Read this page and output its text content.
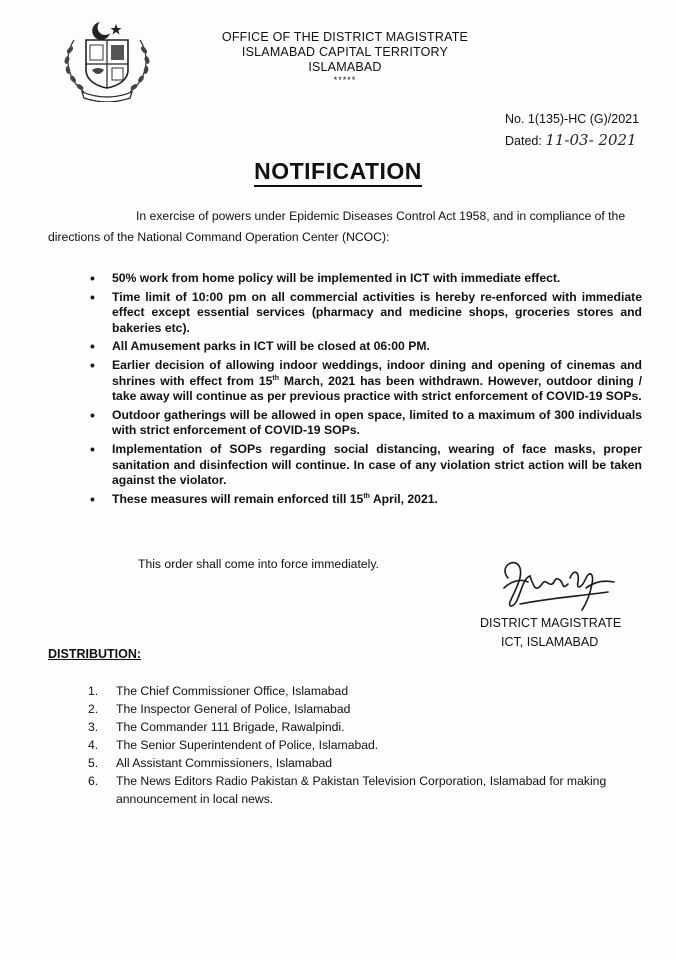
OFFICE OF THE DISTRICT MAGISTRATE
ISLAMABAD CAPITAL TERRITORY
ISLAMABAD
*****
No. 1(135)-HC (G)/2021
Dated: 11-03- 2021
NOTIFICATION
In exercise of powers under Epidemic Diseases Control Act 1958, and in compliance of the
directions of the National Command Operation Center (NCOC):
• 50% work from home policy will be implemented in ICT with immediate effect.
• Time limit of 10:00 pm on all commercial activities is hereby re-enforced with immediate effect except essential services (pharmacy and medicine shops, groceries stores and bakeries etc).
• All Amusement parks in ICT will be closed at 06:00 PM.
• Earlier decision of allowing indoor weddings, indoor dining and opening of cinemas and shrines with effect from 15th March, 2021 has been withdrawn. However, outdoor dining / take away will continue as per previous practice with strict enforcement of COVID-19 SOPs.
• Outdoor gatherings will be allowed in open space, limited to a maximum of 300 individuals with strict enforcement of COVID-19 SOPs.
• Implementation of SOPs regarding social distancing, wearing of face masks, proper sanitation and disinfection will continue. In case of any violation strict action will be taken against the violator.
• These measures will remain enforced till 15th April, 2021.
This order shall come into force immediately.
DISTRICT MAGISTRATE
ICT, ISLAMABAD
DISTRIBUTION:
1. The Chief Commissioner Office, Islamabad
2. The Inspector General of Police, Islamabad
3. The Commander 111 Brigade, Rawalpindi.
4. The Senior Superintendent of Police, Islamabad.
5. All Assistant Commissioners, Islamabad
6. The News Editors Radio Pakistan & Pakistan Television Corporation, Islamabad for making announcement in local news.
